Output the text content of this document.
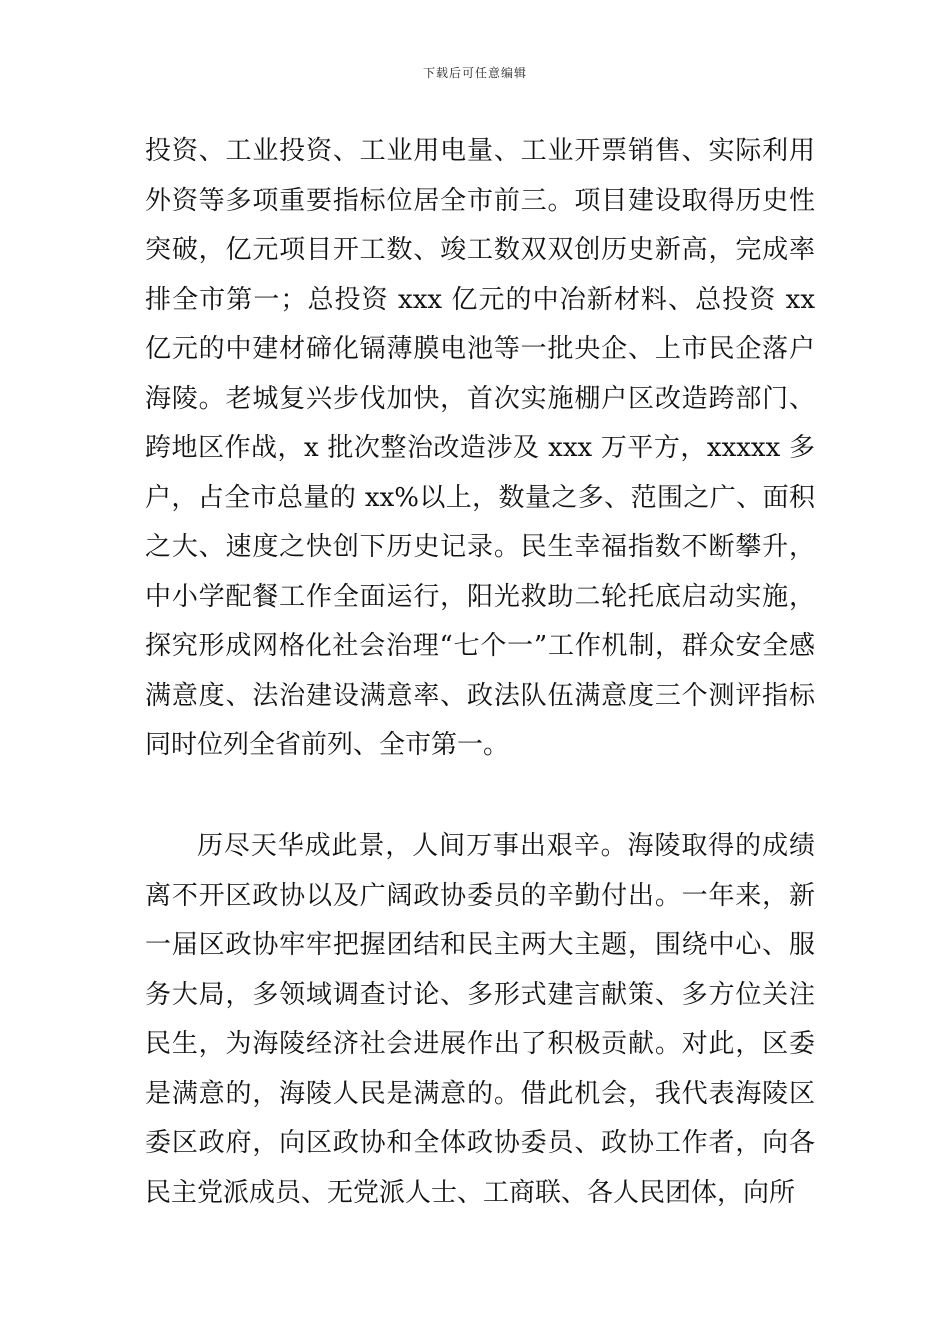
下载后可任意编辑

投资、工业投资、工业用电量、工业开票销售、实际利用外资等多项重要指标位居全市前三。项目建设取得历史性突破，亿元项目开工数、竣工数双双创历史新高，完成率排全市第一；总投资 xxx 亿元的中冶新材料、总投资 xx 亿元的中建材碲化镉薄膜电池等一批央企、上市民企落户海陵。老城复兴步伐加快，首次实施棚户区改造跨部门、跨地区作战，x 批次整治改造涉及 xxx 万平方，xxxxx 多户，占全市总量的 xx%以上，数量之多、范围之广、面积之大、速度之快创下历史记录。民生幸福指数不断攀升，中小学配餐工作全面运行，阳光救助二轮托底启动实施，探究形成网格化社会治理“七个一”工作机制，群众安全感满意度、法治建设满意率、政法队伍满意度三个测评指标同时位列全省前列、全市第一。

历尽天华成此景，人间万事出艰辛。海陵取得的成绩离不开区政协以及广阔政协委员的辛勤付出。一年来，新一届区政协牢牢把握团结和民主两大主题，围绕中心、服务大局，多领域调查讨论、多形式建言献策、多方位关注民生，为海陵经济社会进展作出了积极贡献。对此，区委是满意的，海陵人民是满意的。借此机会，我代表海陵区委区政府，向区政协和全体政协委员、政协工作者，向各民主党派成员、无党派人士、工商联、各人民团体，向所
